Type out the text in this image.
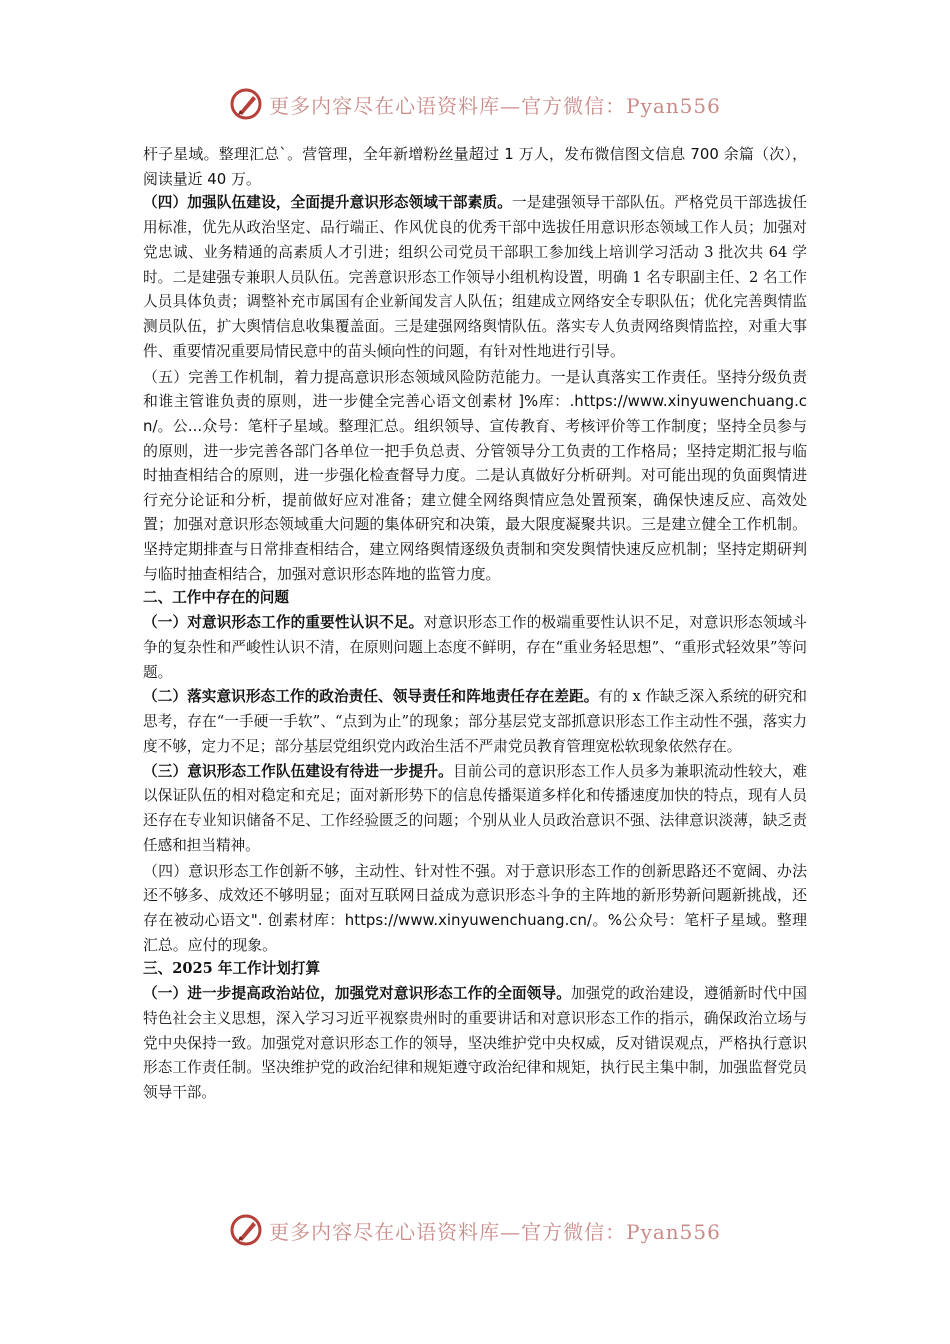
更多内容尽在心语资料库—官方微信：Pyan556

杆子星域。整理汇总`。营管理，全年新增粉丝量超过 1 万人，发布微信图文信息 700 余篇（次），阅读量近 40 万。

（四）加强队伍建设，全面提升意识形态领域干部素质。一是建强领导干部队伍。严格党员干部选拔任用标准，优先从政治坚定、品行端正、作风优良的优秀干部中选拔任用意识形态领域工作人员；加强对党忠诚、业务精通的高素质人才引进；组织公司党员干部职工参加线上培训学习活动 3 批次共 64 学时。二是建强专兼职人员队伍。完善意识形态工作领导小组机构设置，明确 1 名专职副主任、2 名工作人员具体负责；调整补充市属国有企业新闻发言人队伍；组建成立网络安全专职队伍；优化完善舆情监测员队伍，扩大舆情信息收集覆盖面。三是建强网络舆情队伍。落实专人负责网络舆情监控，对重大事件、重要情况重要局情民意中的苗头倾向性的问题，有针对性地进行引导。

（五）完善工作机制，着力提高意识形态领域风险防范能力。一是认真落实工作责任。坚持分级负责和谁主管谁负责的原则，进一步健全完善心语文创素材 ]%库：.https://www.xinyuwenchuang.cn/。公...众号：笔杆子星域。整理汇总。组织领导、宣传教育、考核评价等工作制度；坚持全员参与的原则，进一步完善各部门各单位一把手负总责、分管领导分工负责的工作格局；坚持定期汇报与临时抽查相结合的原则，进一步强化检查督导力度。二是认真做好分析研判。对可能出现的负面舆情进行充分论证和分析，提前做好应对准备；建立健全网络舆情应急处置预案，确保快速反应、高效处置；加强对意识形态领域重大问题的集体研究和决策，最大限度凝聚共识。三是建立健全工作机制。坚持定期排查与日常排查相结合，建立网络舆情逐级负责制和突发舆情快速反应机制；坚持定期研判与临时抽查相结合，加强对意识形态阵地的监管力度。

二、工作中存在的问题

（一）对意识形态工作的重要性认识不足。对意识形态工作的极端重要性认识不足，对意识形态领域斗争的复杂性和严峻性认识不清，在原则问题上态度不鲜明，存在“重业务轻思想”、“重形式轻效果”等问题。

（二）落实意识形态工作的政治责任、领导责任和阵地责任存在差距。有的 x 作缺乏深入系统的研究和思考，存在“一手硬一手软”、“点到为止”的现象；部分基层党支部抓意识形态工作主动性不强，落实力度不够，定力不足；部分基层党组织党内政治生活不严肃党员教育管理宽松软现象依然存在。

（三）意识形态工作队伍建设有待进一步提升。目前公司的意识形态工作人员多为兼职流动性较大，难以保证队伍的相对稳定和充足；面对新形势下的信息传播渠道多样化和传播速度加快的特点，现有人员还存在专业知识储备不足、工作经验匮乏的问题；个别从业人员政治意识不强、法律意识淡薄，缺乏责任感和担当精神。

（四）意识形态工作创新不够，主动性、针对性不强。对于意识形态工作的创新思路还不宽阔、办法还不够多、成效还不够明显；面对互联网日益成为意识形态斗争的主阵地的新形势新问题新挑战，还存在被动心语文". 创素材库：https://www.xinyuwenchuang.cn/。%公众号：笔杆子星域。整理汇总。应付的现象。

三、2025 年工作计划打算

（一）进一步提高政治站位，加强党对意识形态工作的全面领导。加强党的政治建设，遵循新时代中国特色社会主义思想，深入学习习近平视察贵州时的重要讲话和对意识形态工作的指示，确保政治立场与党中央保持一致。加强党对意识形态工作的领导，坚决维护党中央权威，反对错误观点，严格执行意识形态工作责任制。坚决维护党的政治纪律和规矩遵守政治纪律和规矩，执行民主集中制，加强监督党员领导干部。

更多内容尽在心语资料库—官方微信：Pyan556
